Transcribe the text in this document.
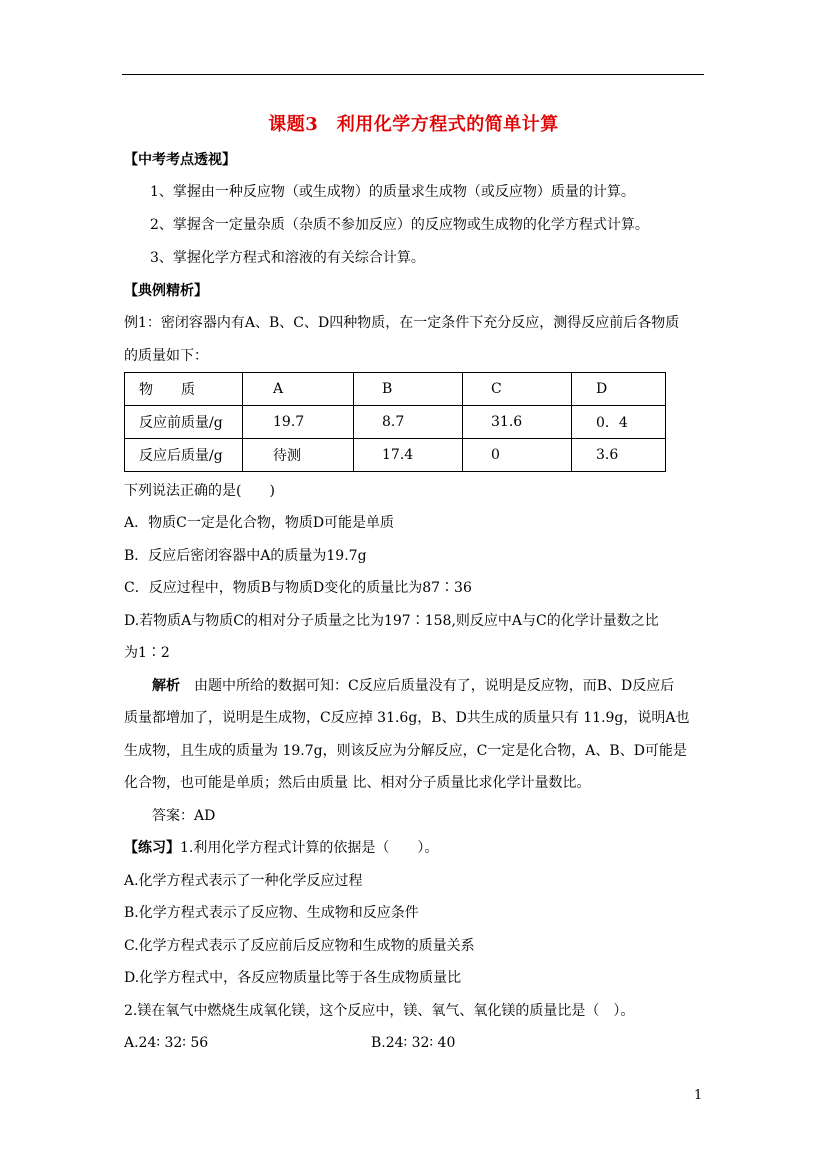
课题3　利用化学方程式的简单计算
【中考考点透视】
1、掌握由一种反应物（或生成物）的质量求生成物（或反应物）质量的计算。
2、掌握含一定量杂质（杂质不参加反应）的反应物或生成物的化学方程式计算。
3、掌握化学方程式和溶液的有关综合计算。
【典例精析】
例1：密闭容器内有A、B、C、D四种物质，在一定条件下充分反应，测得反应前后各物质
的质量如下：
物　　质	A	B	C	D
反应前质量/g	19.7	8.7	31.6	0．4
反应后质量/g	待测	17.4	0	3.6
下列说法正确的是(　　)
A．物质C一定是化合物，物质D可能是单质
B．反应后密闭容器中A的质量为19.7g
C．反应过程中，物质B与物质D变化的质量比为87∶36
D.若物质A与物质C的相对分子质量之比为197∶158,则反应中A与C的化学计量数之比
为1∶2
解析　由题中所给的数据可知：C反应后质量没有了，说明是反应物，而B、D反应后
质量都增加了，说明是生成物，C反应掉 31.6g，B、D共生成的质量只有 11.9g，说明A也
生成物，且生成的质量为 19.7g，则该反应为分解反应，C一定是化合物，A、B、D可能是
化合物，也可能是单质；然后由质量 比、相对分子质量比求化学计量数比。
答案：AD
【练习】1.利用化学方程式计算的依据是（　　）。
A.化学方程式表示了一种化学反应过程
B.化学方程式表示了反应物、生成物和反应条件
C.化学方程式表示了反应前后反应物和生成物的质量关系
D.化学方程式中，各反应物质量比等于各生成物质量比
2.镁在氧气中燃烧生成氧化镁，这个反应中，镁、氧气、氧化镁的质量比是（　）。
A.24∶ 32∶ 56	B.24∶ 32∶ 40
1
